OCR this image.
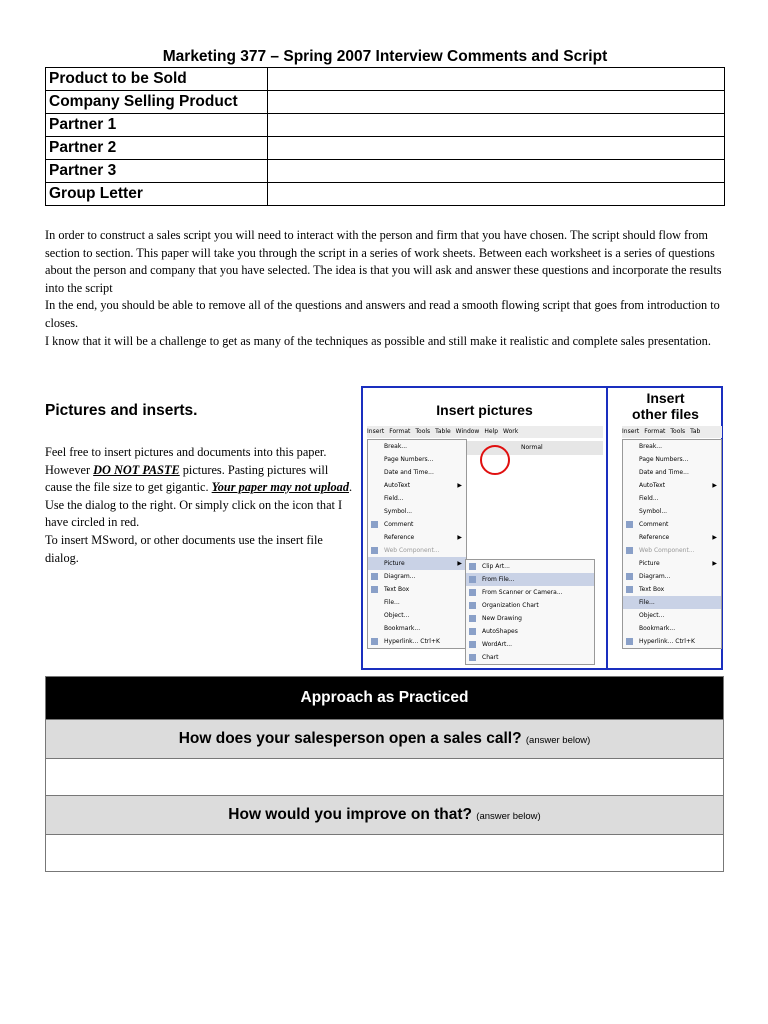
Marketing 377 – Spring 2007 Interview Comments and Script
Product to be Sold	
Company Selling Product	
Partner 1	
Partner 2	
Partner 3	
Group Letter	

In order to construct a sales script you will need to interact with the person and firm that you have chosen. The script should flow from section to section. This paper will take you through the script in a series of work sheets. Between each worksheet is a series of questions about the person and company that you have selected. The idea is that you will ask and answer these questions and incorporate the results into the script

In the end, you should be able to remove all of the questions and answers and read a smooth flowing script that goes from introduction to closes.

I know that it will be a challenge to get as many of the techniques as possible and still make it realistic and complete sales presentation.

Pictures and inserts.
Feel free to insert pictures and documents into this paper. However DO NOT PASTE pictures. Pasting pictures will cause the file size to get gigantic. Your paper may not upload. Use the dialog to the right. Or simply click on the icon that I have circled in red.
To insert MSword, or other documents use the insert file dialog.
Insert pictures
Insert
other files
Insert Format Tools Table Window Help Work
Normal
Break...
Page Numbers...
Date and Time...
AutoText	▶
Field...
Symbol...
Comment
Reference	▶
Web Component...
Picture	▶
Diagram...
Text Box
File...
Object...
Bookmark...
Hyperlink... Ctrl+K
Clip Art...
From File...
From Scanner or Camera...
Organization Chart
New Drawing
AutoShapes
WordArt...
Chart
Insert Format Tools Tab
Break...
Page Numbers...
Date and Time...
AutoText	▶
Field...
Symbol...
Comment
Reference	▶
Web Component...
Picture	▶
Diagram...
Text Box
File...
Object...
Bookmark...
Hyperlink... Ctrl+K
Approach as Practiced
How does your salesperson open a sales call? (answer below)

How would you improve on that? (answer below)
